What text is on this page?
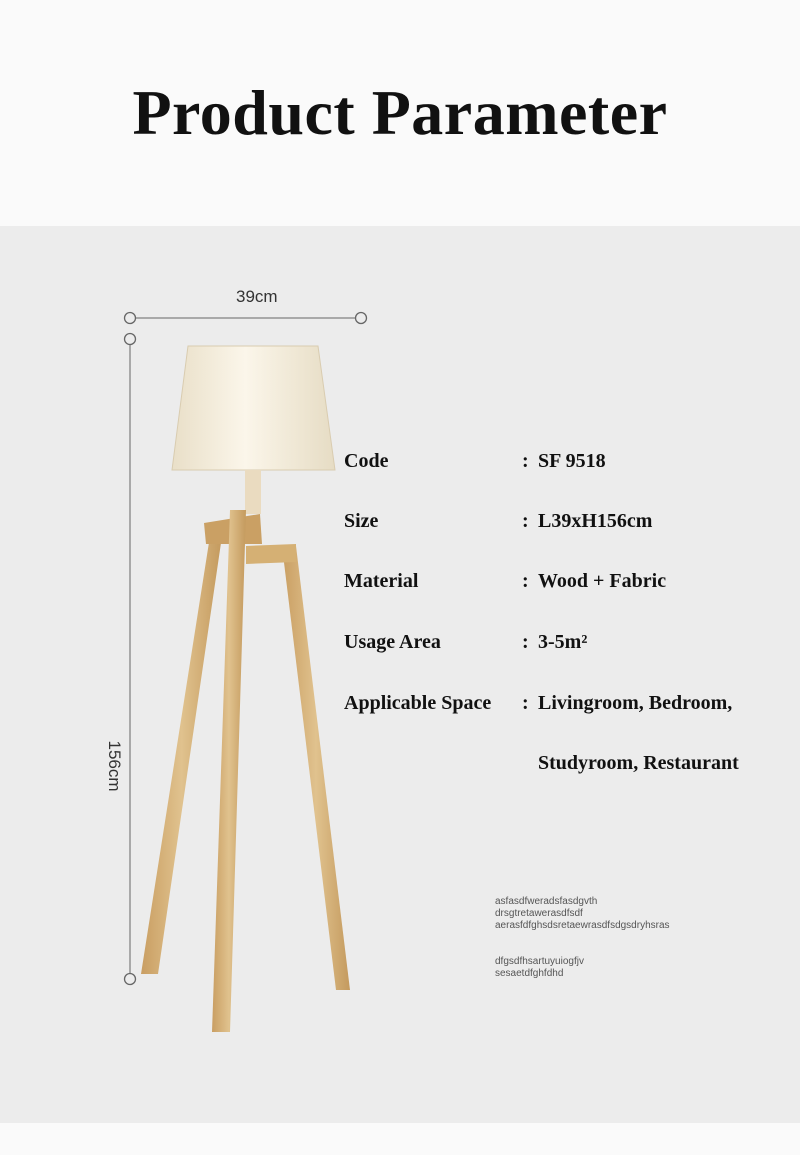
Product Parameter
39cm
156cm
Code	: SF 9518
Size	: L39xH156cm
Material	: Wood + Fabric
Usage Area	: 3-5m²
Applicable Space : Livingroom, Bedroom,
Studyroom, Restaurant
asfasdfweradsfasdgvth
drsgtretawerasdfsdf
aerasfdfghsdsretaewrasdfsdgsdryhsras
dfgsdfhsartuyuiogfjv
sesaetdfghfdhd
